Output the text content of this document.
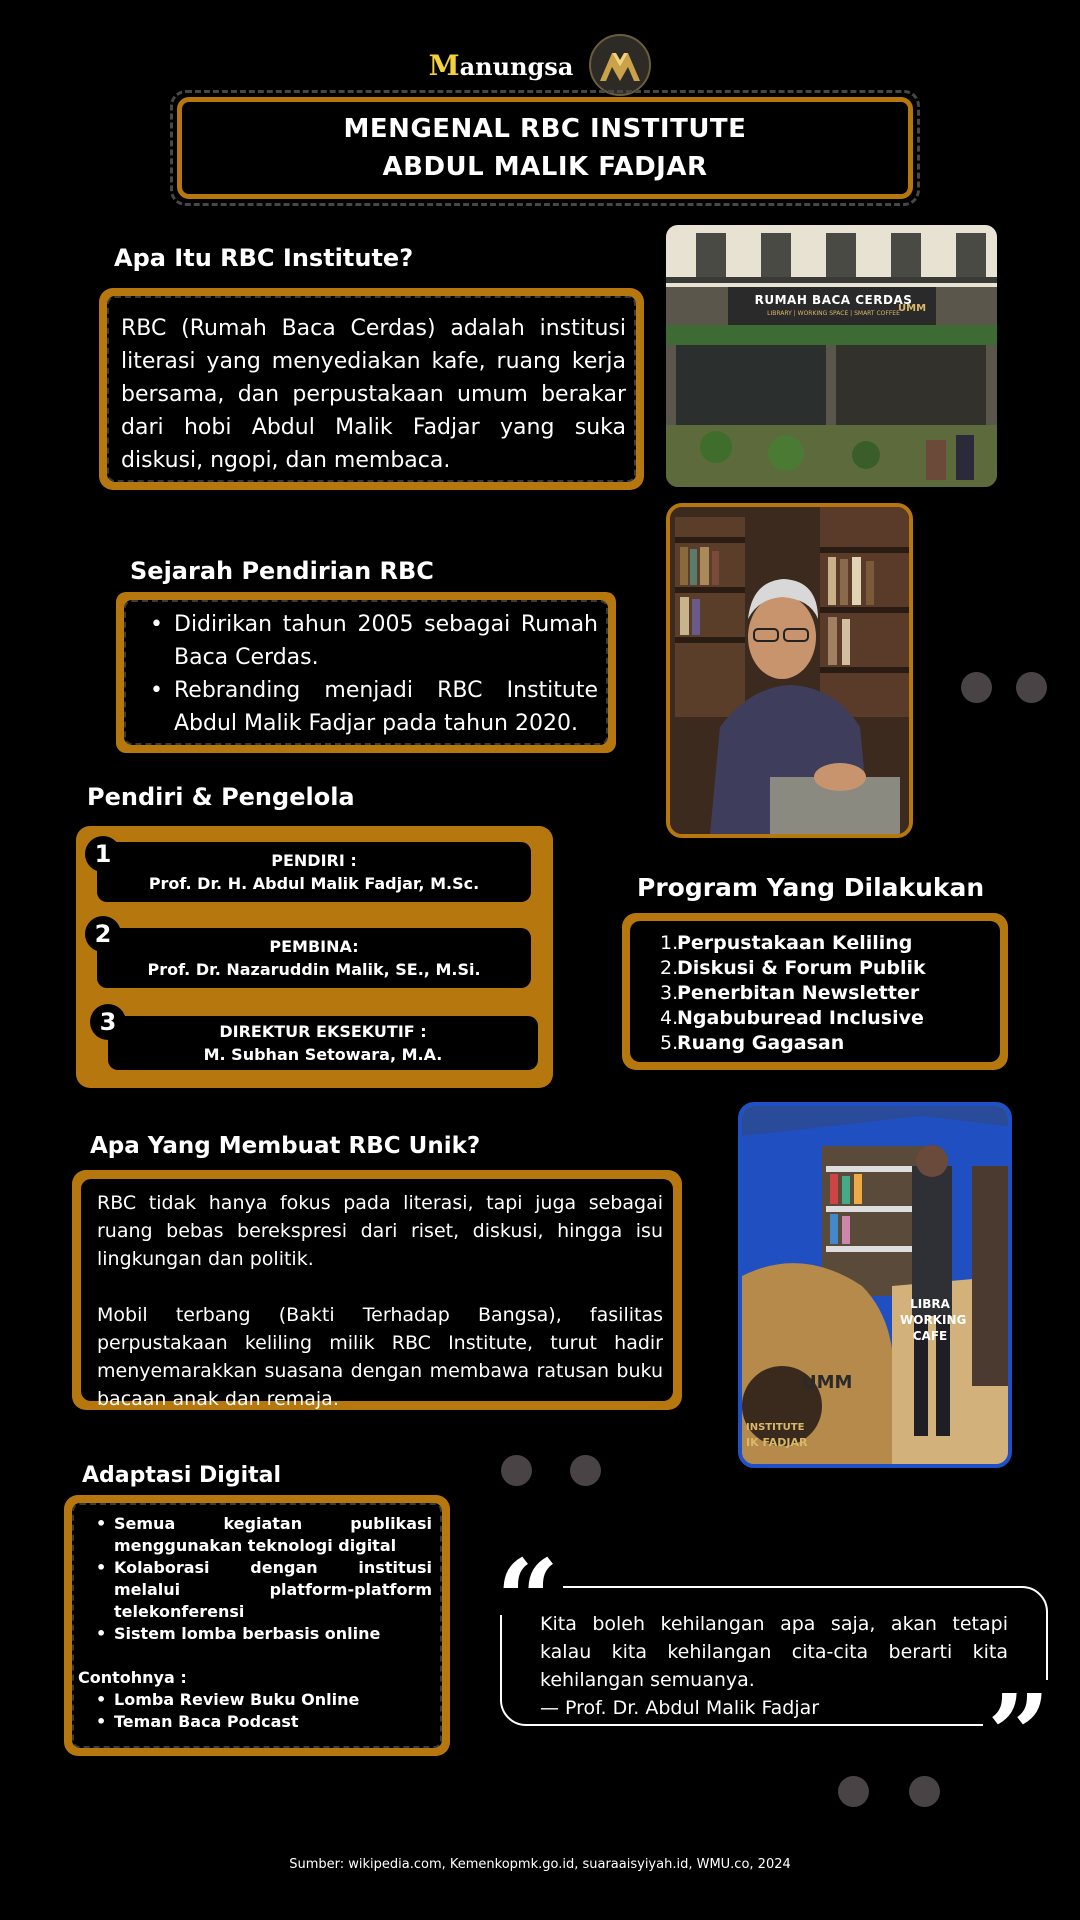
Manungsa
MENGENAL RBC INSTITUTE
ABDUL MALIK FADJAR
Apa Itu RBC Institute?
RBC (Rumah Baca Cerdas) adalah institusi literasi yang menyediakan kafe, ruang kerja bersama, dan perpustakaan umum berakar dari hobi Abdul Malik Fadjar yang suka diskusi, ngopi, dan membaca.
RUMAH BACA CERDAS
LIBRARY | WORKING SPACE | SMART COFFEE
UMM
Sejarah Pendirian RBC
• Didirikan tahun 2005 sebagai Rumah Baca Cerdas.
• Rebranding menjadi RBC Institute Abdul Malik Fadjar pada tahun 2020.
Pendiri & Pengelola
PENDIRI :
Prof. Dr. H. Abdul Malik Fadjar, M.Sc.
1
PEMBINA:
Prof. Dr. Nazaruddin Malik, SE., M.Si.
2
DIREKTUR EKSEKUTIF :
M. Subhan Setowara, M.A.
3
Program Yang Dilakukan
1.
Perpustakaan Keliling
2.
Diskusi & Forum Publik
3.
Penerbitan Newsletter
4.
Ngabuburead Inclusive
5.
Ruang Gagasan
LIBRA WORKING CAFE
UMM
INSTITUTE
IK FADJAR
Apa Yang Membuat RBC Unik?

RBC tidak hanya fokus pada literasi, tapi juga sebagai ruang bebas berekspresi dari riset, diskusi, hingga isu lingkungan dan politik.

Mobil terbang (Bakti Terhadap Bangsa), fasilitas perpustakaan keliling milik RBC Institute, turut hadir menyemarakkan suasana dengan membawa ratusan buku bacaan anak dan remaja.

Adaptasi Digital
• Semua kegiatan publikasi menggunakan teknologi digital
• Kolaborasi dengan institusi melalui platform-platform telekonferensi
• Sistem lomba berbasis online
Contohnya :
• Lomba Review Buku Online
• Teman Baca Podcast
“
”
Kita boleh kehilangan apa saja, akan tetapi kalau kita kehilangan cita-cita berarti kita kehilangan semuanya.
— Prof. Dr. Abdul Malik Fadjar
Sumber: wikipedia.com, Kemenkopmk.go.id, suaraaisyiyah.id, WMU.co, 2024
